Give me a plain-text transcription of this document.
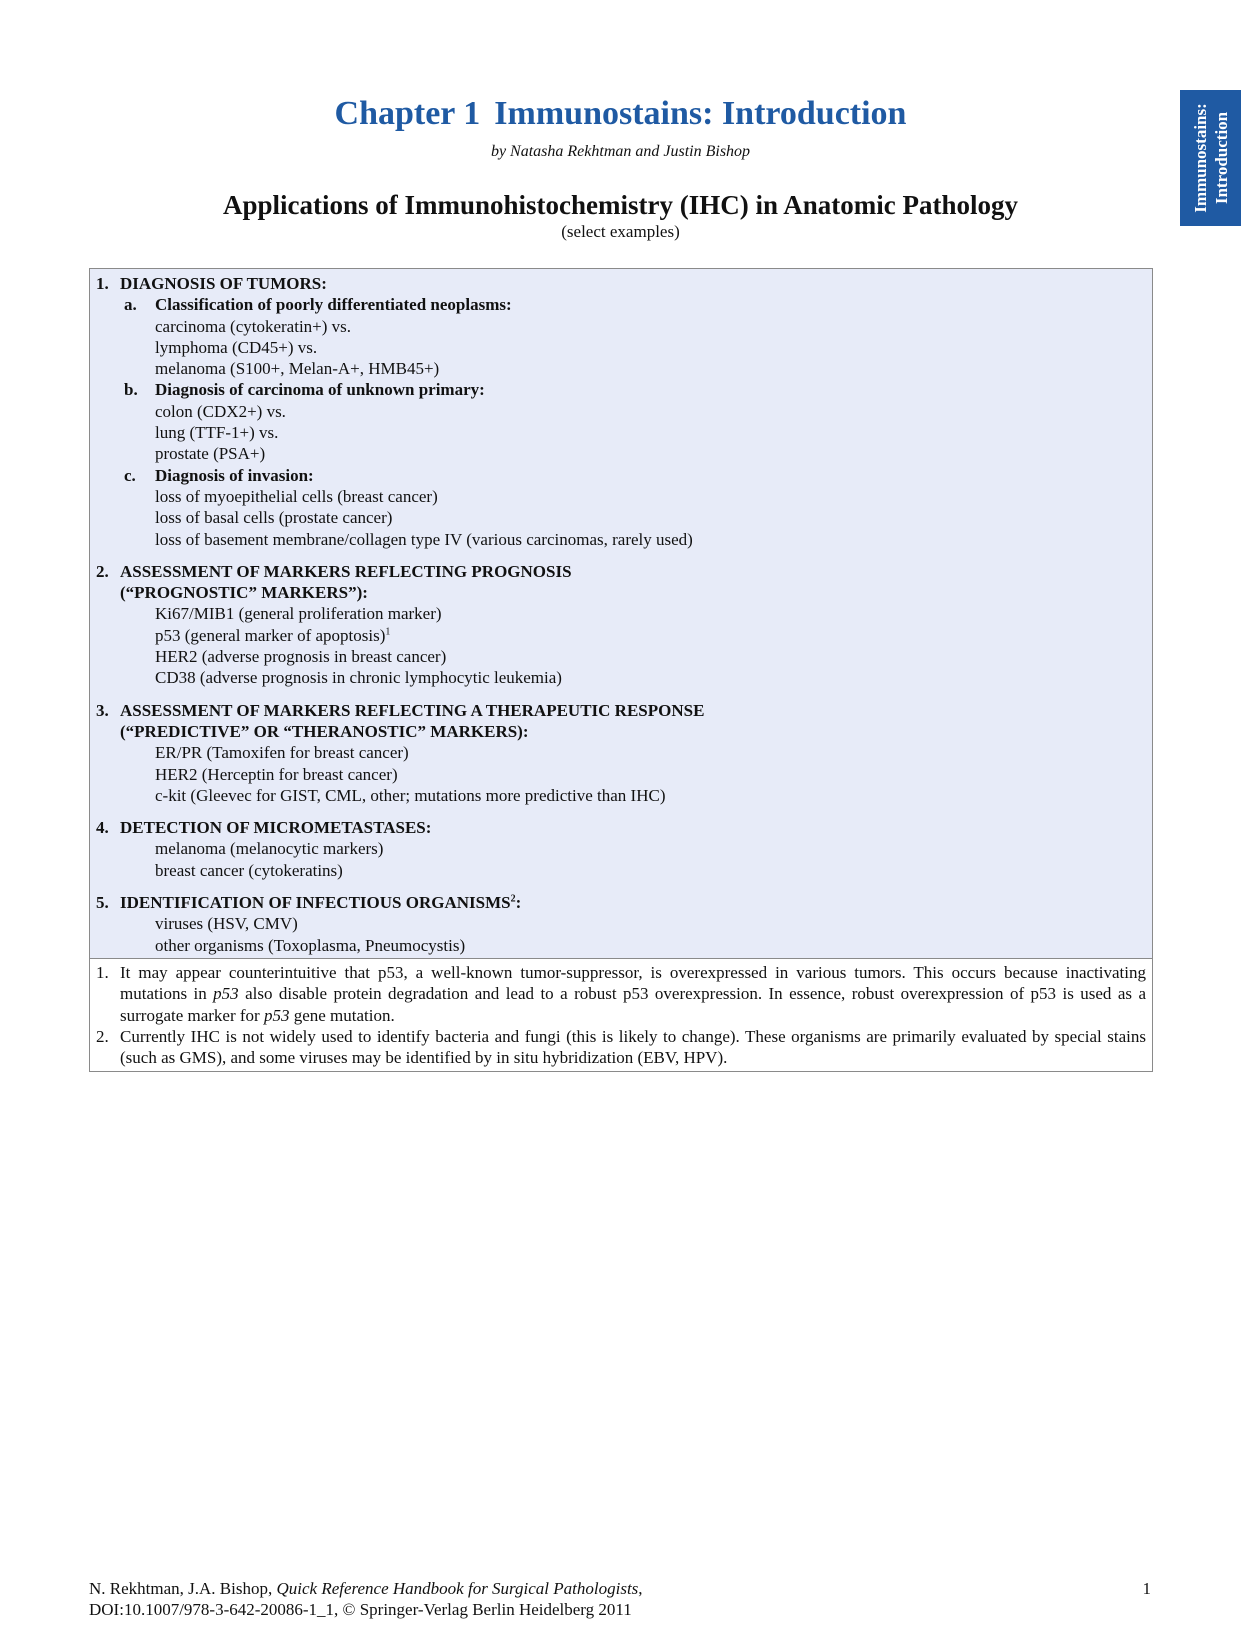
Immunostains: Introduction
Chapter 1 Immunostains: Introduction
by Natasha Rekhtman and Justin Bishop
Applications of Immunohistochemistry (IHC) in Anatomic Pathology
(select examples)
1. DIAGNOSIS OF TUMORS:
a.	Classification of poorly differentiated neoplasms:
carcinoma (cytokeratin+) vs.
lymphoma (CD45+) vs.
melanoma (S100+, Melan-A+, HMB45+)
b.	Diagnosis of carcinoma of unknown primary:
colon (CDX2+) vs.
lung (TTF-1+) vs.
prostate (PSA+)
c.	Diagnosis of invasion:
loss of myoepithelial cells (breast cancer)
loss of basal cells (prostate cancer)
loss of basement membrane/collagen type IV (various carcinomas, rarely used)
2. ASSESSMENT OF MARKERS REFLECTING PROGNOSIS
(“PROGNOSTIC” MARKERS”):
Ki67/MIB1 (general proliferation marker)
p53 (general marker of apoptosis)$^1$
HER2 (adverse prognosis in breast cancer)
CD38 (adverse prognosis in chronic lymphocytic leukemia)
3. ASSESSMENT OF MARKERS REFLECTING A THERAPEUTIC RESPONSE
(“PREDICTIVE” OR “THERANOSTIC” MARKERS):
ER/PR (Tamoxifen for breast cancer)
HER2 (Herceptin for breast cancer)
c-kit (Gleevec for GIST, CML, other; mutations more predictive than IHC)
4. DETECTION OF MICROMETASTASES:
melanoma (melanocytic markers)
breast cancer (cytokeratins)
5. IDENTIFICATION OF INFECTIOUS ORGANISMS$^2$:
viruses (HSV, CMV)
other organisms (Toxoplasma, Pneumocystis)
1. It may appear counterintuitive that p53, a well-known tumor-suppressor, is overexpressed in various tumors. This occurs because inactivating mutations in p53 also disable protein degradation and lead to a robust p53 overexpression. In essence, robust overexpression of p53 is used as a surrogate marker for p53 gene mutation.
2. Currently IHC is not widely used to identify bacteria and fungi (this is likely to change). These organisms are primarily evaluated by special stains (such as GMS), and some viruses may be identified by in situ hybridization (EBV, HPV).
N. Rekhtman, J.A. Bishop, Quick Reference Handbook for Surgical Pathologists,
DOI:10.1007/978-3-642-20086-1_1, © Springer-Verlag Berlin Heidelberg 2011
1
